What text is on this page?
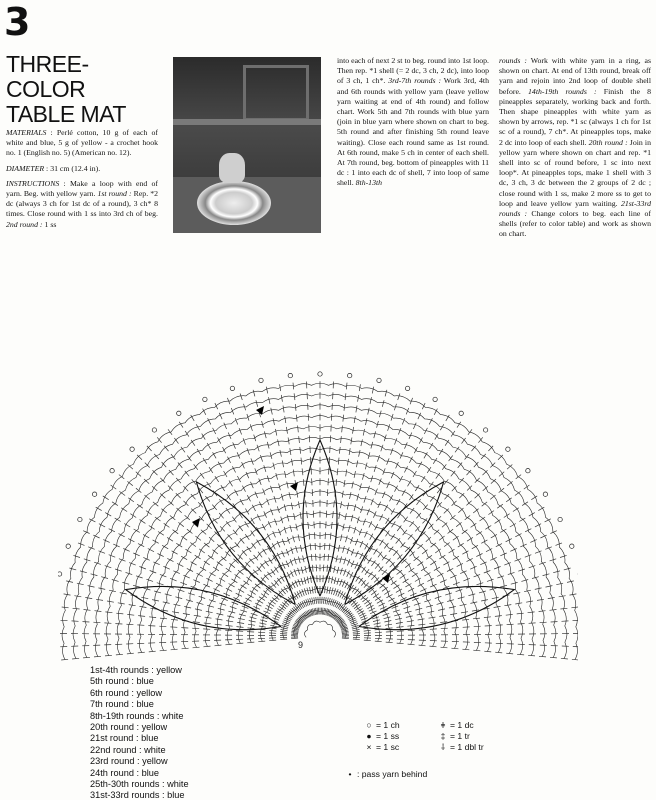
3
THREE-
COLOR
TABLE MAT

MATERIALS : Perlé cotton, 10 g of each of white and blue, 5 g of yellow - a crochet hook no. 1 (English no. 5) (American no. 12).

DIAMETER : 31 cm (12.4 in).

INSTRUCTIONS : Make a loop with end of yarn. Beg. with yellow yarn. 1st round : Rep. *2 dc (always 3 ch for 1st dc of a round), 3 ch* 8 times. Close round with 1 ss into 3rd ch of beg. 2nd round : 1 ss

into each of next 2 st to beg. round into 1st loop. Then rep. *1 shell (= 2 dc, 3 ch, 2 dc), into loop of 3 ch, 1 ch*. 3rd-7th rounds : Work 3rd, 4th and 6th rounds with yellow yarn (leave yellow yarn waiting at end of 4th round) and follow chart. Work 5th and 7th rounds with blue yarn (join in blue yarn where shown on chart to beg. 5th round and after finishing 5th round leave waiting). Close each round same as 1st round. At 6th round, make 5 ch in center of each shell. At 7th round, beg. bottom of pineapples with 11 dc : 1 into each dc of shell, 7 into loop of same shell. 8th-13th

rounds : Work with white yarn in a ring, as shown on chart. At end of 13th round, break off yarn and rejoin into 2nd loop of double shell before. 14th-19th rounds : Finish the 8 pineapples separately, working back and forth. Then shape pineapples with white yarn as shown by arrows, rep. *1 sc (always 1 ch for 1st sc of a round), 7 ch*. At pineapples tops, make 2 dc into loop of each shell. 20th round : Join in yellow yarn where shown on chart and rep. *1 shell into sc of round before, 1 sc into next loop*. At pineapples tops, make 1 shell with 3 dc, 3 ch, 3 dc between the 2 groups of 2 dc ; close round with 1 ss, make 2 more ss to get to loop and leave yellow yarn waiting. 21st-33rd rounds : Change colors to beg. each line of shells (refer to color table) and work as shown on chart.

9
1st-4th rounds : yellow
5th round : blue
6th round : yellow
7th round : blue
8th-19th rounds : white
20th round : yellow
21st round : blue
22nd round : white
23rd round : yellow
24th round : blue
25th-30th rounds : white
31st-33rd rounds : blue
○ = 1 ch
● = 1 ss
× = 1 sc
ǂ = 1 dc
‡ = 1 tr
⸸ = 1 dbl tr
• : pass yarn behind
